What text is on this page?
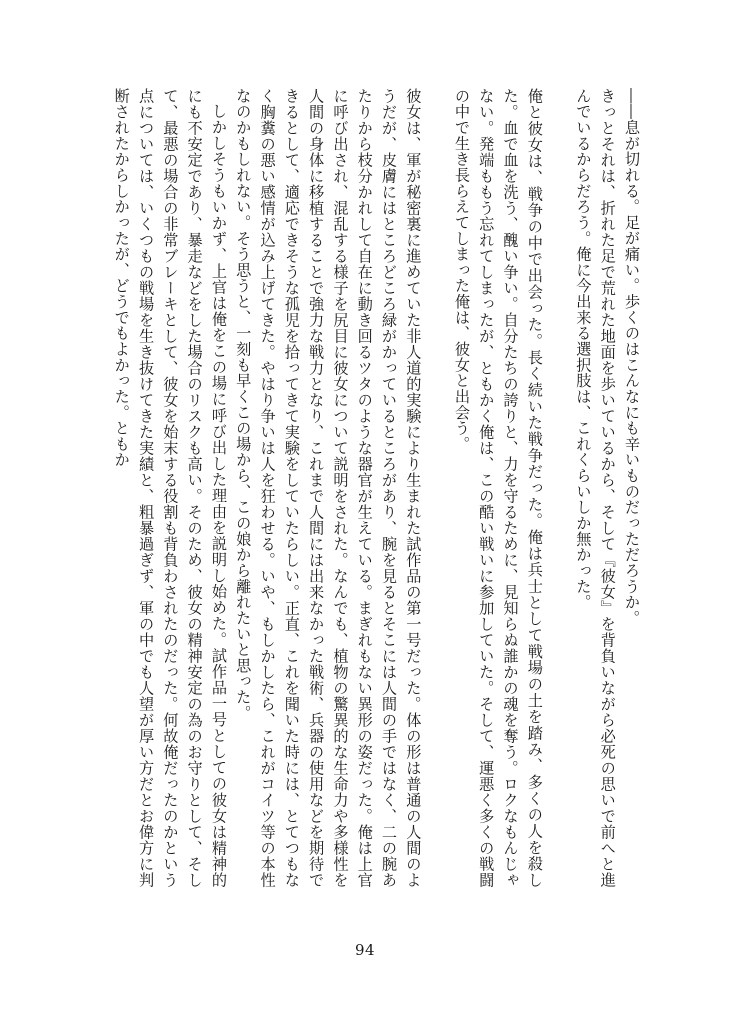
――息が切れる。足が痛い。歩くのはこんなにも辛いものだっただろうか。

きっとそれは、折れた足で荒れた地面を歩いているから、そして『彼女』を背負いながら必死の思いで前へと進んでいるからだろう。俺に今出来る選択肢は、これくらいしか無かった。

俺と彼女は、戦争の中で出会った。長く続いた戦争だった。俺は兵士として戦場の土を踏み、多くの人を殺した。血で血を洗う、醜い争い。自分たちの誇りと、力を守るために、見知らぬ誰かの魂を奪う。ロクなもんじゃない。発端ももう忘れてしまったが、ともかく俺は、この酷い戦いに参加していた。そして、運悪く多くの戦闘の中で生き長らえてしまった俺は、彼女と出会う。

彼女は、軍が秘密裏に進めていた非人道的実験により生まれた試作品の第一号だった。体の形は普通の人間のようだが、皮膚にはところどころ緑がかっているところがあり、腕を見るとそこには人間の手ではなく、二の腕あたりから枝分かれして自在に動き回るツタのような器官が生えている。まぎれもない異形の姿だった。俺は上官に呼び出され、混乱する様子を尻目に彼女について説明をされた。なんでも、植物の驚異的な生命力や多様性を人間の身体に移植することで強力な戦力となり、これまで人間には出来なかった戦術、兵器の使用などを期待できるとして、適応できそうな孤児を拾ってきて実験をしていたらしい。正直、これを聞いた時には、とてつもなく胸糞の悪い感情が込み上げてきた。やはり争いは人を狂わせる。いや、もしかしたら、これがコイツ等の本性なのかもしれない。そう思うと、一刻も早くこの場から、この娘から離れたいと思った。

しかしそうもいかず、上官は俺をこの場に呼び出した理由を説明し始めた。試作品一号としての彼女は精神的にも不安定であり、暴走などをした場合のリスクも高い。そのため、彼女の精神安定の為のお守りとして、そして、最悪の場合の非常ブレーキとして、彼女を始末する役割も背負わされたのだった。何故俺だったのかという点については、いくつもの戦場を生き抜けてきた実績と、粗暴過ぎず、軍の中でも人望が厚い方だとお偉方に判断されたからしかったが、どうでもよかった。ともか

94
